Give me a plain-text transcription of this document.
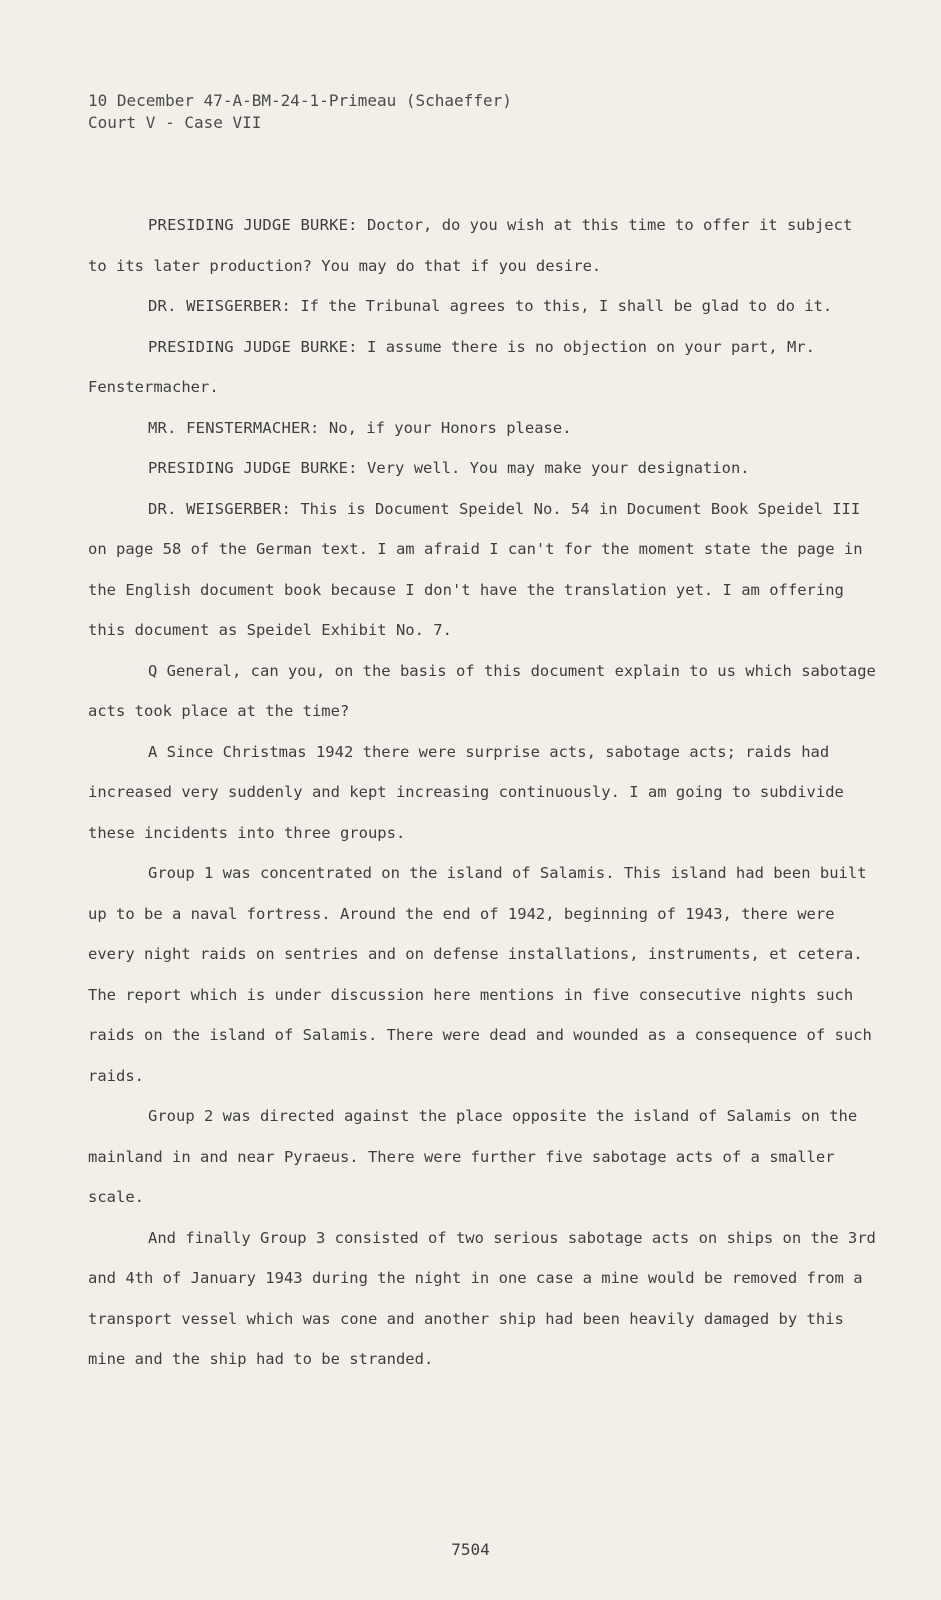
10 December 47-A-BM-24-1-Primeau (Schaeffer)
Court V - Case VII

PRESIDING JUDGE BURKE: Doctor, do you wish at this time to offer it subject to its later production? You may do that if you desire.

DR. WEISGERBER: If the Tribunal agrees to this, I shall be glad to do it.

PRESIDING JUDGE BURKE: I assume there is no objection on your part, Mr. Fenstermacher.

MR. FENSTERMACHER: No, if your Honors please.

PRESIDING JUDGE BURKE: Very well. You may make your designation.

DR. WEISGERBER: This is Document Speidel No. 54 in Document Book Speidel III on page 58 of the German text. I am afraid I can't for the moment state the page in the English document book because I don't have the translation yet. I am offering this document as Speidel Exhibit No. 7.

Q General, can you, on the basis of this document explain to us which sabotage acts took place at the time?

A Since Christmas 1942 there were surprise acts, sabotage acts; raids had increased very suddenly and kept increasing continuously. I am going to subdivide these incidents into three groups.

Group 1 was concentrated on the island of Salamis. This island had been built up to be a naval fortress. Around the end of 1942, beginning of 1943, there were every night raids on sentries and on defense installations, instruments, et cetera. The report which is under discussion here mentions in five consecutive nights such raids on the island of Salamis. There were dead and wounded as a consequence of such raids.

Group 2 was directed against the place opposite the island of Salamis on the mainland in and near Pyraeus. There were further five sabotage acts of a smaller scale.

And finally Group 3 consisted of two serious sabotage acts on ships on the 3rd and 4th of January 1943 during the night in one case a mine would be removed from a transport vessel which was cone and another ship had been heavily damaged by this mine and the ship had to be stranded.

7504
